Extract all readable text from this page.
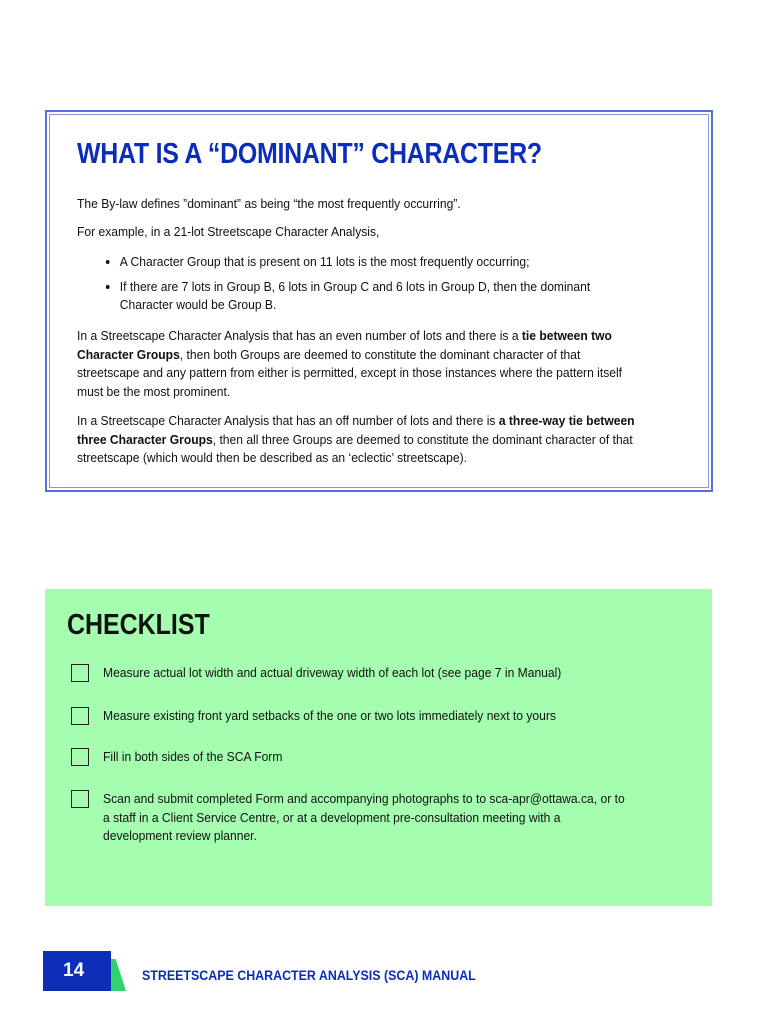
WHAT IS A “DOMINANT” CHARACTER?

The By-law defines ”dominant” as being “the most frequently occurring”.

For example, in a 21-lot Streetscape Character Analysis,

• A Character Group that is present on 11 lots is the most frequently occurring;
• If there are 7 lots in Group B, 6 lots in Group C and 6 lots in Group D, then the dominant Character would be Group B.

In a Streetscape Character Analysis that has an even number of lots and there is a tie between two Character Groups, then both Groups are deemed to constitute the dominant character of that streetscape and any pattern from either is permitted, except in those instances where the pattern itself must be the most prominent.

In a Streetscape Character Analysis that has an off number of lots and there is a three-way tie between three Character Groups, then all three Groups are deemed to constitute the dominant character of that streetscape (which would then be described as an ‘eclectic’ streetscape).

CHECKLIST
Measure actual lot width and actual driveway width of each lot (see page 7 in Manual)
Measure existing front yard setbacks of the one or two lots immediately next to yours
Fill in both sides of the SCA Form
Scan and submit completed Form and accompanying photographs to to sca-apr@ottawa.ca, or to a staff in a Client Service Centre, or at a development pre-consultation meeting with a development review planner.
14	STREETSCAPE CHARACTER ANALYSIS (SCA) MANUAL
